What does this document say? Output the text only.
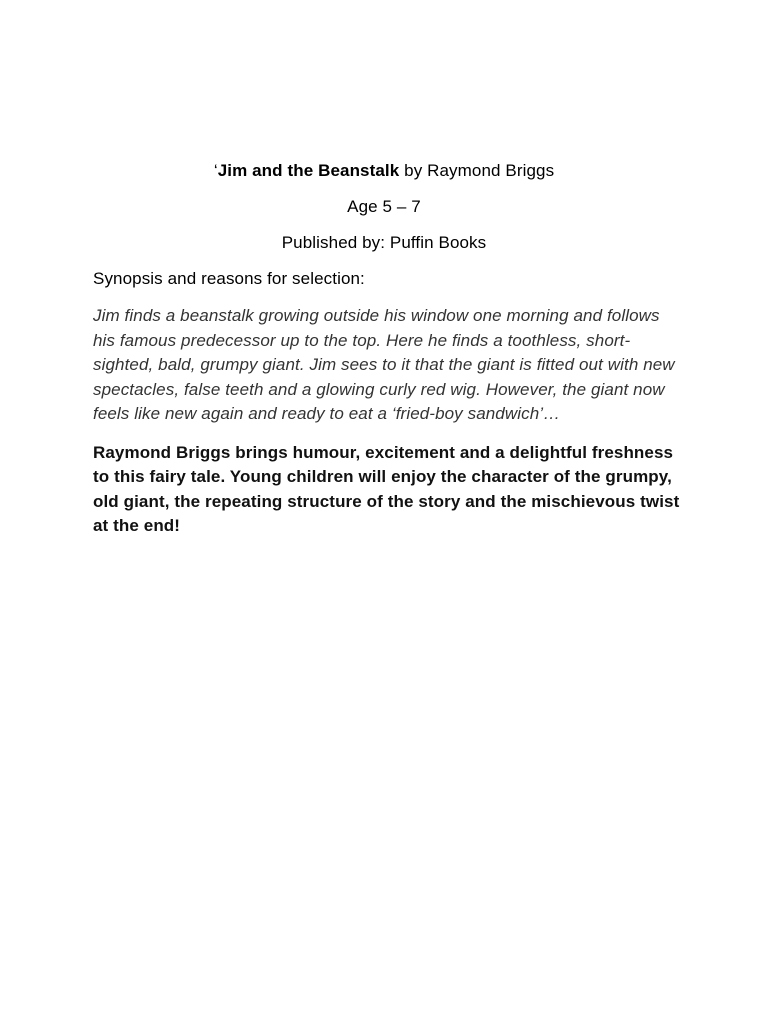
‘Jim and the Beanstalk by Raymond Briggs

Age 5 – 7

Published by: Puffin Books

Synopsis and reasons for selection:

Jim finds a beanstalk growing outside his window one morning and follows his famous predecessor up to the top. Here he finds a toothless, short-sighted, bald, grumpy giant. Jim sees to it that the giant is fitted out with new spectacles, false teeth and a glowing curly red wig. However, the giant now feels like new again and ready to eat a ‘fried-boy sandwich’…

Raymond Briggs brings humour, excitement and a delightful freshness to this fairy tale. Young children will enjoy the character of the grumpy, old giant, the repeating structure of the story and the mischievous twist at the end!
